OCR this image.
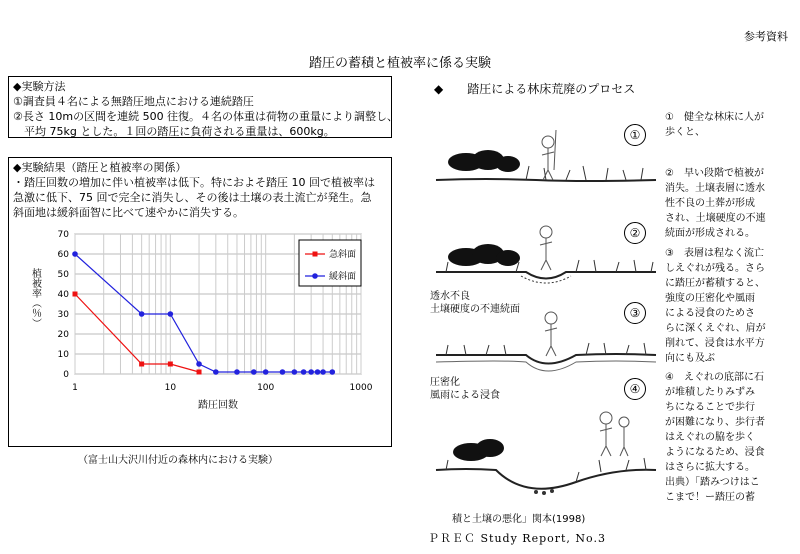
参考資料
踏圧の蓄積と植被率に係る実験
◆実験方法
①調査員４名による無踏圧地点における連続踏圧
②長さ 10mの区間を連続 500 往復。４名の体重は荷物の重量により調整し、
　平均 75kg とした。１回の踏圧に負荷される重量は、600kg。
◆実験結果（踏圧と植被率の関係）
・踏圧回数の増加に伴い植被率は低下。特におよそ踏圧 10 回で植被率は
急激に低下、75 回で完全に消失し、その後は土壌の表土流亡が発生。急
斜面地は緩斜面智に比べて速やかに消失する。
0
10
20
30
40
50
60
70
1	10	100	1000
踏圧回数
植被率（％）
急斜面
緩斜面
（富士山大沢川付近の森林内における実験）
◆　　踏圧による林床荒廃のプロセス
①
②
③
④
透水不良
土壌硬度の不連続面
圧密化
風雨による浸食
①　健全な林床に人が
歩くと、
②　早い段階で植被が
消失。土壌表層に透水
性不良の土葬が形成
され、土壌硬度の不連
続面が形成される。
③　表層は程なく流亡
しえぐれが残る。さら
に踏圧が蓄積すると、
強度の圧密化や風雨
による浸食のためさ
らに深くえぐれ、肩が
削れて、浸食は水平方
向にも及ぶ
④　えぐれの底部に石
が堆積したりみずみ
ちになることで歩行
が困難になり、歩行者
はえぐれの脇を歩く
ようになるため、浸食
はさらに拡大する。
出典）「踏みつけはこ
こまで！ー踏圧の蓄
積と土壌の悪化」関本(1998)
ＰＲＥＣ Study Report, No.3
